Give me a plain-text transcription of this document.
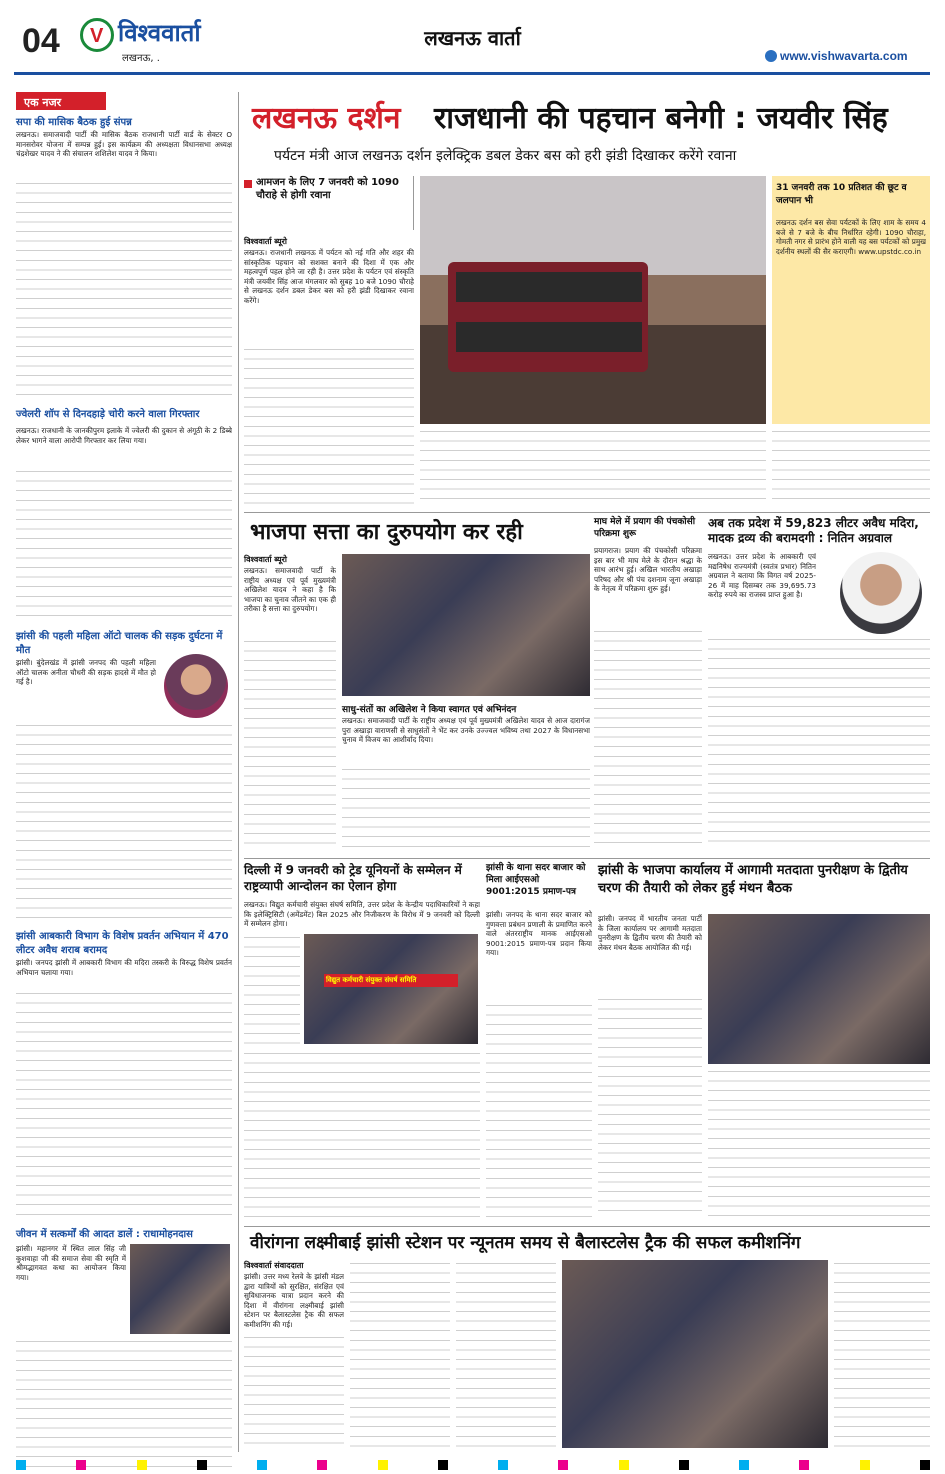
04 V विश्ववार्ता
लखनऊ, .
लखनऊ वार्ता
www.vishwavarta.com
एक नजर
सपा की मासिक बैठक हुई संपन्न
लखनऊ। समाजवादी पार्टी की मासिक बैठक राजधानी पार्टी वार्ड के सेक्टर O मानसरोवर योजना में सम्पन्न हुई। इस कार्यक्रम की अध्यक्षता विधानसभा अध्यक्ष चंद्रशेखर यादव ने की संचालन शशिलेश यादव ने किया।
ज्वेलरी शॉप से दिनदहाड़े चोरी करने वाला गिरफ्तार
लखनऊ। राजधानी के जानकीपुरम इलाके में ज्वेलरी की दुकान से अंगूठी के 2 डिब्बे लेकर भागने वाला आरोपी गिरफ्तार कर लिया गया।
झांसी की पहली महिला ऑटो चालक की सड़क दुर्घटना में मौत
झांसी। बुंदेलखंड में झांसी जनपद की पहली महिला ऑटो चालक अनीता चौधरी की सड़क हादसे में मौत हो गई है।
झांसी आबकारी विभाग के विशेष प्रवर्तन अभियान में 470 लीटर अवैध शराब बरामद
झांसी। जनपद झांसी में आबकारी विभाग की मदिरा तस्करी के विरुद्ध विशेष प्रवर्तन अभियान चलाया गया।
जीवन में सत्कर्मों की आदत डालें : राधामोहनदास
झांसी। महानगर में स्थित लाल सिंह जी कुशवाहा जी की समाज सेवा की स्मृति में श्रीमद्भागवत कथा का आयोजन किया गया।
लखनऊ दर्शन राजधानी की पहचान बनेगी : जयवीर सिंह
पर्यटन मंत्री आज लखनऊ दर्शन इलेक्ट्रिक डबल डेकर बस को हरी झंडी दिखाकर करेंगे रवाना
आमजन के लिए 7 जनवरी को 1090 चौराहे से होगी रवाना
विश्ववार्ता ब्यूरो
लखनऊ। राजधानी लखनऊ में पर्यटन को नई गति और शहर की सांस्कृतिक पहचान को सशक्त बनाने की दिशा में एक और महत्वपूर्ण पहल होने जा रही है। उत्तर प्रदेश के पर्यटन एवं संस्कृति मंत्री जयवीर सिंह आज मंगलवार को सुबह 10 बजे 1090 चौराहे से लखनऊ दर्शन डबल डेकर बस को हरी झंडी दिखाकर रवाना करेंगे।
31 जनवरी तक 10 प्रतिशत की छूट व जलपान भी
लखनऊ दर्शन बस सेवा पर्यटकों के लिए शाम के समय 4 बजे से 7 बजे के बीच निर्धारित रहेगी। 1090 चौराहा, गोमती नगर से प्रारंभ होने वाली यह बस पर्यटकों को प्रमुख दर्शनीय स्थलों की सैर कराएगी। www.upstdc.co.in
भाजपा सत्ता का दुरुपयोग कर रही
विश्ववार्ता ब्यूरो
लखनऊ। समाजवादी पार्टी के राष्ट्रीय अध्यक्ष एवं पूर्व मुख्यमंत्री अखिलेश यादव ने कहा है कि भाजपा का चुनाव जीतने का एक ही तरीका है सत्ता का दुरुपयोग।
साधु-संतों का अखिलेश ने किया स्वागत एवं अभिनंदन
लखनऊ। समाजवादी पार्टी के राष्ट्रीय अध्यक्ष एवं पूर्व मुख्यमंत्री अखिलेश यादव से आज दारागंज पुरा अखाड़ा वाराणसी से साधुसंतों ने भेंट कर उनके उज्ज्वल भविष्य तथा 2027 के विधानसभा चुनाव में विजय का आशीर्वाद दिया।
माघ मेले में प्रयाग की पंचकोसी परिक्रमा शुरू
प्रयागराज। प्रयाग की पंचकोसी परिक्रमा इस बार भी माघ मेले के दौरान श्रद्धा के साथ आरंभ हुई। अखिल भारतीय अखाड़ा परिषद और श्री पंच दशनाम जूना अखाड़ा के नेतृत्व में परिक्रमा शुरू हुई।
अब तक प्रदेश में 59,823 लीटर अवैध मदिरा, मादक द्रव्य की बरामदगी : नितिन अग्रवाल
लखनऊ। उत्तर प्रदेश के आबकारी एवं मद्यनिषेध राज्यमंत्री (स्वतंत्र प्रभार) नितिन अग्रवाल ने बताया कि विगत वर्ष 2025-26 में माह दिसम्बर तक 39,695.73 करोड़ रुपये का राजस्व प्राप्त हुआ है।
दिल्ली में 9 जनवरी को ट्रेड यूनियनों के सम्मेलन में राष्ट्रव्यापी आन्दोलन का ऐलान होगा
लखनऊ। विद्युत कर्मचारी संयुक्त संघर्ष समिति, उत्तर प्रदेश के केन्द्रीय पदाधिकारियों ने कहा कि इलेक्ट्रिसिटी (अमेंडमेंट) बिल 2025 और निजीकरण के विरोध में 9 जनवरी को दिल्ली में सम्मेलन होगा।
विद्युत कर्मचारी संयुक्त संघर्ष समिति
झांसी के थाना सदर बाजार को मिला आईएसओ 9001:2015 प्रमाण-पत्र
झांसी। जनपद के थाना सदर बाजार को गुणवत्ता प्रबंधन प्रणाली के प्रमाणित करने वाले अंतरराष्ट्रीय मानक आईएसओ 9001:2015 प्रमाण-पत्र प्रदान किया गया।
झांसी के भाजपा कार्यालय में आगामी मतदाता पुनरीक्षण के द्वितीय चरण की तैयारी को लेकर हुई मंथन बैठक
झांसी। जनपद में भारतीय जनता पार्टी के जिला कार्यालय पर आगामी मतदाता पुनरीक्षण के द्वितीय चरण की तैयारी को लेकर मंथन बैठक आयोजित की गई।
वीरांगना लक्ष्मीबाई झांसी स्टेशन पर न्यूनतम समय से बैलास्टलेस ट्रैक की सफल कमीशनिंग
विश्ववार्ता संवाददाता
झांसी। उत्तर मध्य रेलवे के झांसी मंडल द्वारा यात्रियों को सुरक्षित, संरक्षित एवं सुविधाजनक यात्रा प्रदान करने की दिशा में वीरांगना लक्ष्मीबाई झांसी स्टेशन पर बैलास्टलेस ट्रैक की सफल कमीशनिंग की गई।
